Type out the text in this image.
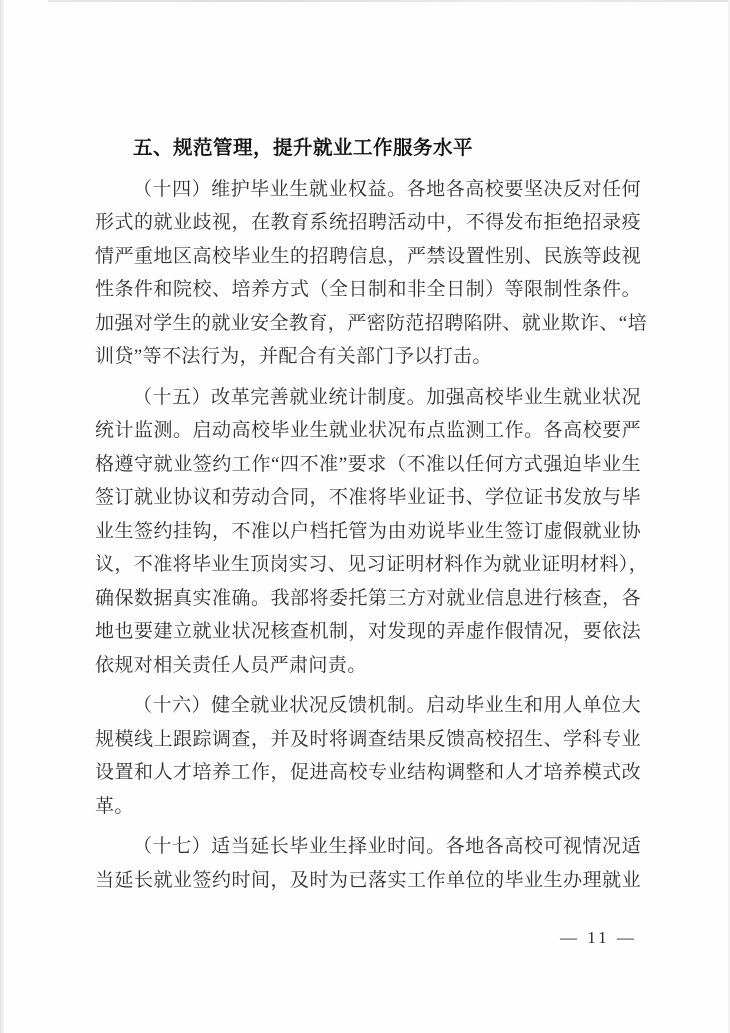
五、规范管理，提升就业工作服务水平
（十四）维护毕业生就业权益。各地各高校要坚决反对任何
形式的就业歧视，在教育系统招聘活动中，不得发布拒绝招录疫
情严重地区高校毕业生的招聘信息，严禁设置性别、民族等歧视
性条件和院校、培养方式（全日制和非全日制）等限制性条件。
加强对学生的就业安全教育，严密防范招聘陷阱、就业欺诈、“培
训贷”等不法行为，并配合有关部门予以打击。
（十五）改革完善就业统计制度。加强高校毕业生就业状况
统计监测。启动高校毕业生就业状况布点监测工作。各高校要严
格遵守就业签约工作“四不准”要求（不准以任何方式强迫毕业生
签订就业协议和劳动合同，不准将毕业证书、学位证书发放与毕
业生签约挂钩，不准以户档托管为由劝说毕业生签订虚假就业协
议，不准将毕业生顶岗实习、见习证明材料作为就业证明材料），
确保数据真实准确。我部将委托第三方对就业信息进行核查，各
地也要建立就业状况核查机制，对发现的弄虚作假情况，要依法
依规对相关责任人员严肃问责。
（十六）健全就业状况反馈机制。启动毕业生和用人单位大
规模线上跟踪调查，并及时将调查结果反馈高校招生、学科专业
设置和人才培养工作，促进高校专业结构调整和人才培养模式改
革。
（十七）适当延长毕业生择业时间。各地各高校可视情况适
当延长就业签约时间，及时为已落实工作单位的毕业生办理就业
— 11 —
